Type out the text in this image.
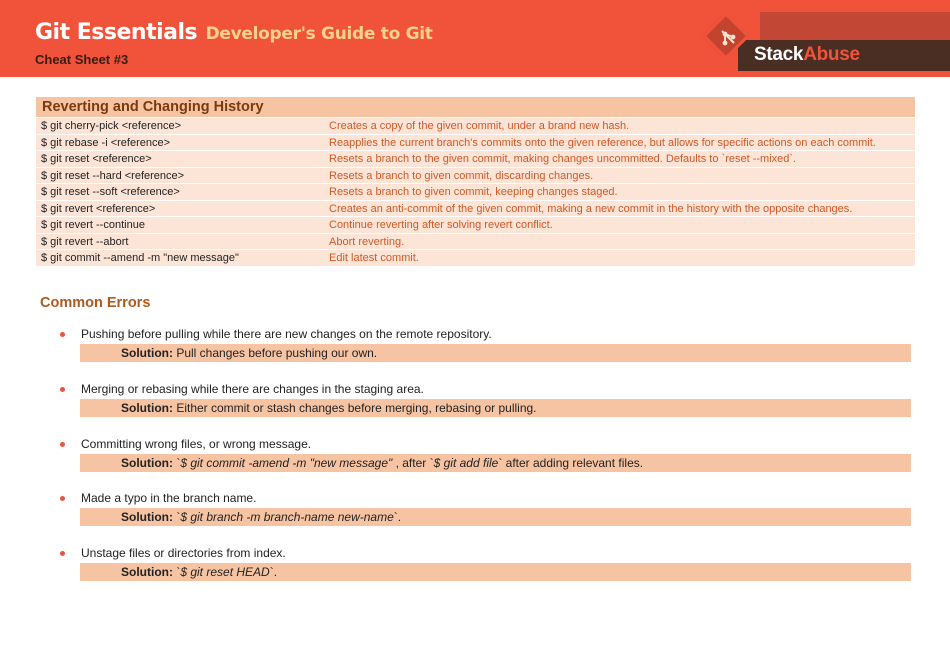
Git Essentials Developer's Guide to Git
Cheat Sheet #3	StackAbuse
Reverting and Changing History
$ git cherry-pick <reference>	Creates a copy of the given commit, under a brand new hash.
$ git rebase -i <reference>	Reapplies the current branch's commits onto the given reference, but allows for specific actions on each commit.
$ git reset <reference>	Resets a branch to the given commit, making changes uncommitted. Defaults to `reset --mixed`.
$ git reset --hard <reference>	Resets a branch to given commit, discarding changes.
$ git reset --soft <reference>	Resets a branch to given commit, keeping changes staged.
$ git revert <reference>	Creates an anti-commit of the given commit, making a new commit in the history with the opposite changes.
$ git revert --continue	Continue reverting after solving revert conflict.
$ git revert --abort	Abort reverting.
$ git commit --amend -m "new message"	Edit latest commit.
Common Errors
Pushing before pulling while there are new changes on the remote repository.
Solution: Pull changes before pushing our own.
Merging or rebasing while there are changes in the staging area.
Solution: Either commit or stash changes before merging, rebasing or pulling.
Committing wrong files, or wrong message.
Solution: `$ git commit -amend -m "new message" , after `$ git add file` after adding relevant files.
Made a typo in the branch name.
Solution: `$ git branch -m branch-name new-name`.
Unstage files or directories from index.
Solution: `$ git reset HEAD`.
